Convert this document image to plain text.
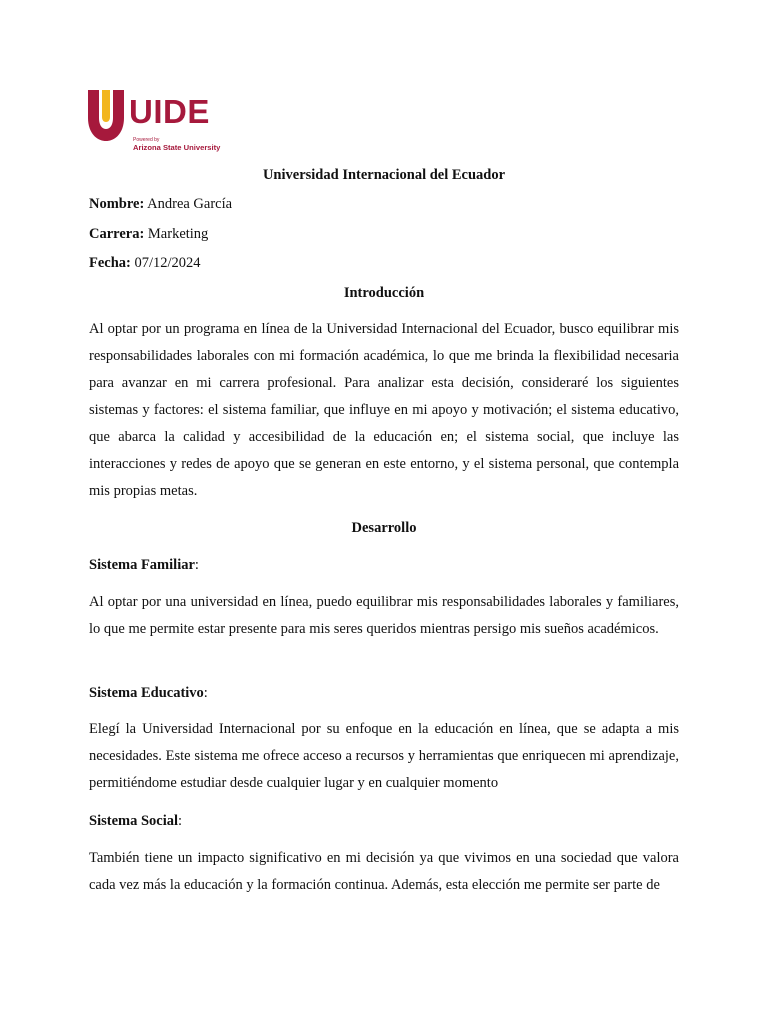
UIDE
Powered by
Arizona State University
Universidad Internacional del Ecuador
Nombre: Andrea García
Carrera: Marketing
Fecha: 07/12/2024
Introducción

Al optar por un programa en línea de la Universidad Internacional del Ecuador, busco equilibrar mis responsabilidades laborales con mi formación académica, lo que me brinda la flexibilidad necesaria para avanzar en mi carrera profesional. Para analizar esta decisión, consideraré los siguientes sistemas y factores: el sistema familiar, que influye en mi apoyo y motivación; el sistema educativo, que abarca la calidad y accesibilidad de la educación en; el sistema social, que incluye las interacciones y redes de apoyo que se generan en este entorno, y el sistema personal, que contempla mis propias metas.

Desarrollo
Sistema Familiar:

Al optar por una universidad en línea, puedo equilibrar mis responsabilidades laborales y familiares, lo que me permite estar presente para mis seres queridos mientras persigo mis sueños académicos.

Sistema Educativo:

Elegí la Universidad Internacional por su enfoque en la educación en línea, que se adapta a mis necesidades. Este sistema me ofrece acceso a recursos y herramientas que enriquecen mi aprendizaje, permitiéndome estudiar desde cualquier lugar y en cualquier momento

Sistema Social:

También tiene un impacto significativo en mi decisión ya que vivimos en una sociedad que valora cada vez más la educación y la formación continua. Además, esta elección me permite ser parte de
